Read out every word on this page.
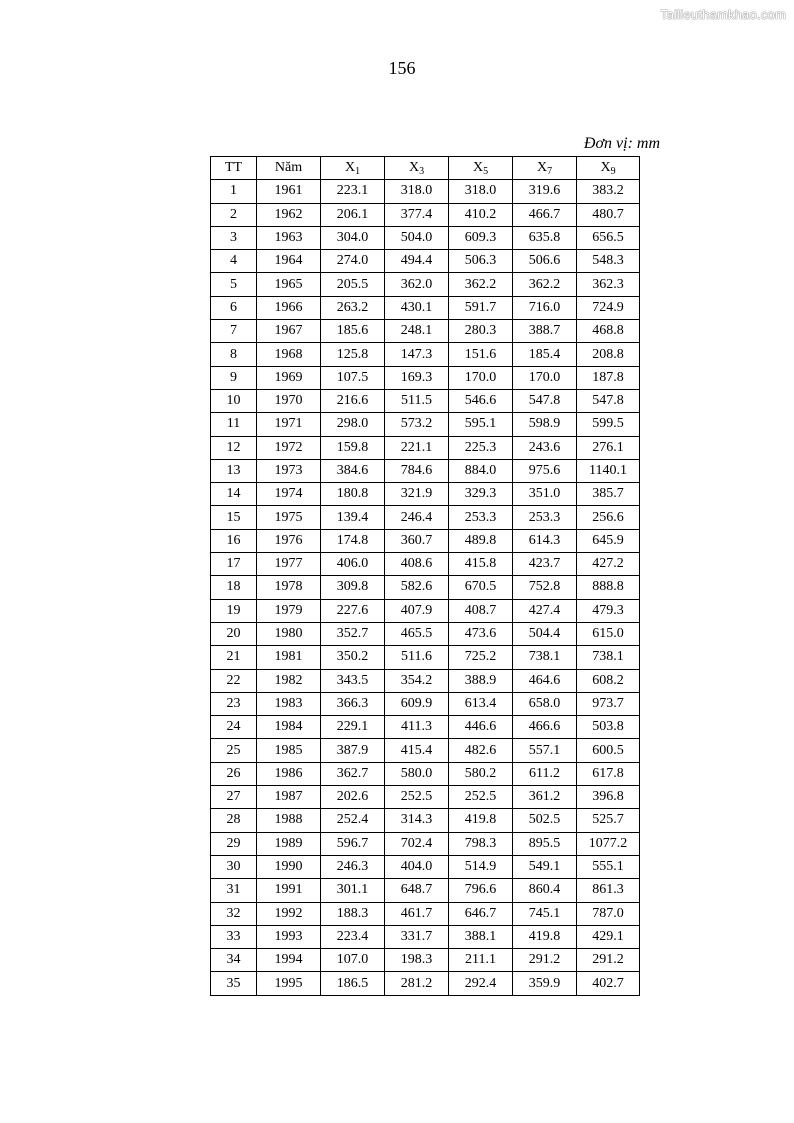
Tailieuthamkhao.com
156
Đơn vị: mm
TT	Năm	$X_1$	$X_3$	$X_5$	$X_7$	$X_9$
1	1961	223.1	318.0	318.0	319.6	383.2
2	1962	206.1	377.4	410.2	466.7	480.7
3	1963	304.0	504.0	609.3	635.8	656.5
4	1964	274.0	494.4	506.3	506.6	548.3
5	1965	205.5	362.0	362.2	362.2	362.3
6	1966	263.2	430.1	591.7	716.0	724.9
7	1967	185.6	248.1	280.3	388.7	468.8
8	1968	125.8	147.3	151.6	185.4	208.8
9	1969	107.5	169.3	170.0	170.0	187.8
10	1970	216.6	511.5	546.6	547.8	547.8
11	1971	298.0	573.2	595.1	598.9	599.5
12	1972	159.8	221.1	225.3	243.6	276.1
13	1973	384.6	784.6	884.0	975.6	1140.1
14	1974	180.8	321.9	329.3	351.0	385.7
15	1975	139.4	246.4	253.3	253.3	256.6
16	1976	174.8	360.7	489.8	614.3	645.9
17	1977	406.0	408.6	415.8	423.7	427.2
18	1978	309.8	582.6	670.5	752.8	888.8
19	1979	227.6	407.9	408.7	427.4	479.3
20	1980	352.7	465.5	473.6	504.4	615.0
21	1981	350.2	511.6	725.2	738.1	738.1
22	1982	343.5	354.2	388.9	464.6	608.2
23	1983	366.3	609.9	613.4	658.0	973.7
24	1984	229.1	411.3	446.6	466.6	503.8
25	1985	387.9	415.4	482.6	557.1	600.5
26	1986	362.7	580.0	580.2	611.2	617.8
27	1987	202.6	252.5	252.5	361.2	396.8
28	1988	252.4	314.3	419.8	502.5	525.7
29	1989	596.7	702.4	798.3	895.5	1077.2
30	1990	246.3	404.0	514.9	549.1	555.1
31	1991	301.1	648.7	796.6	860.4	861.3
32	1992	188.3	461.7	646.7	745.1	787.0
33	1993	223.4	331.7	388.1	419.8	429.1
34	1994	107.0	198.3	211.1	291.2	291.2
35	1995	186.5	281.2	292.4	359.9	402.7
